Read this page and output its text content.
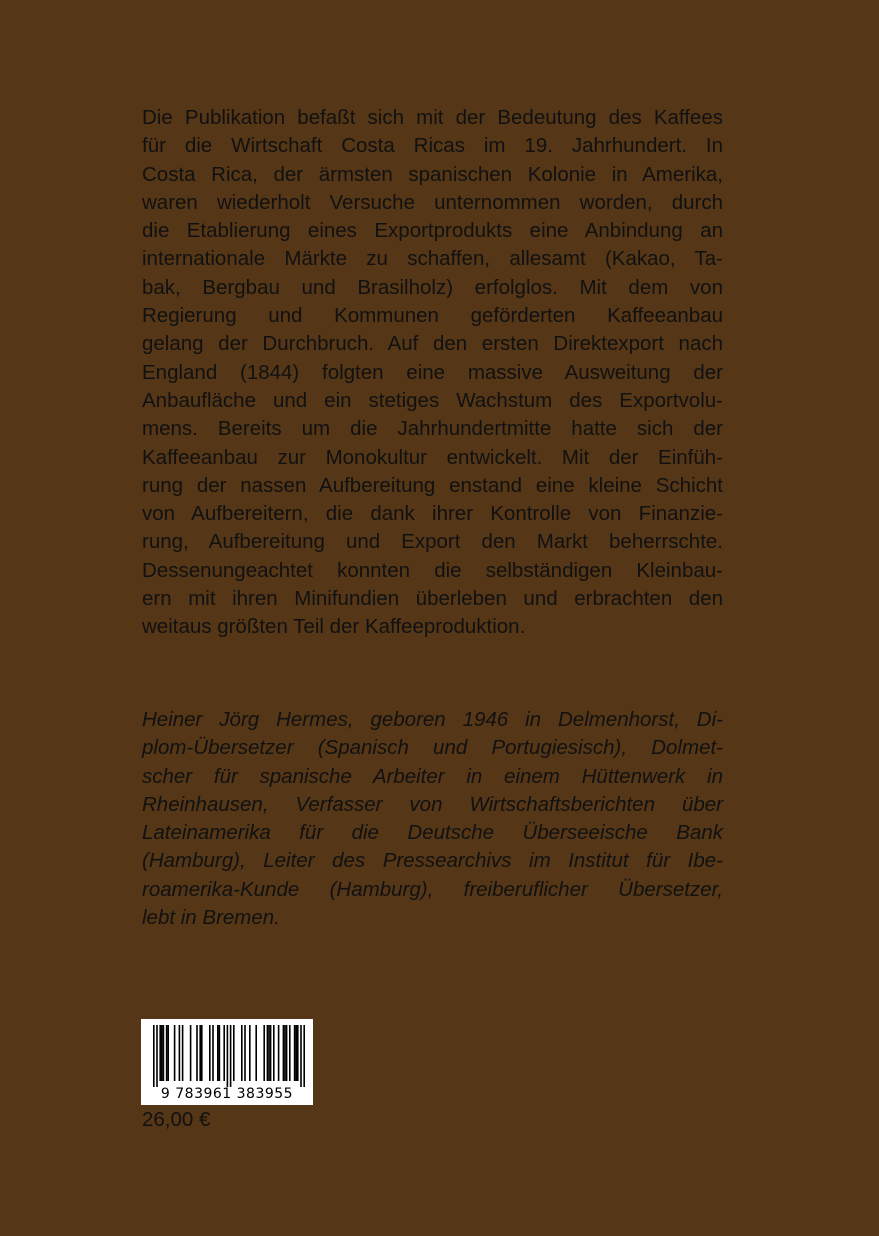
Die Publikation befaßt sich mit der Bedeutung des Kaffees
für die Wirtschaft Costa Ricas im 19. Jahrhundert. In
Costa Rica, der ärmsten spanischen Kolonie in Amerika,
waren wiederholt Versuche unternommen worden, durch
die Etablierung eines Exportprodukts eine Anbindung an
internationale Märkte zu schaffen, allesamt (Kakao, Ta-
bak, Bergbau und Brasilholz) erfolglos. Mit dem von
Regierung und Kommunen geförderten Kaffeeanbau
gelang der Durchbruch. Auf den ersten Direktexport nach
England (1844) folgten eine massive Ausweitung der
Anbaufläche und ein stetiges Wachstum des Exportvolu-
mens. Bereits um die Jahrhundertmitte hatte sich der
Kaffeeanbau zur Monokultur entwickelt. Mit der Einfüh-
rung der nassen Aufbereitung enstand eine kleine Schicht
von Aufbereitern, die dank ihrer Kontrolle von Finanzie-
rung, Aufbereitung und Export den Markt beherrschte.
Dessenungeachtet konnten die selbständigen Kleinbau-
ern mit ihren Minifundien überleben und erbrachten den
weitaus größten Teil der Kaffeeproduktion.
Heiner Jörg Hermes, geboren 1946 in Delmenhorst, Di-
plom-Übersetzer (Spanisch und Portugiesisch), Dolmet-
scher für spanische Arbeiter in einem Hüttenwerk in
Rheinhausen, Verfasser von Wirtschaftsberichten über
Lateinamerika für die Deutsche Überseeische Bank
(Hamburg), Leiter des Pressearchivs im Institut für Ibe-
roamerika-Kunde (Hamburg), freiberuflicher Übersetzer,
lebt in Bremen.
9 783961 383955
26,00 €
